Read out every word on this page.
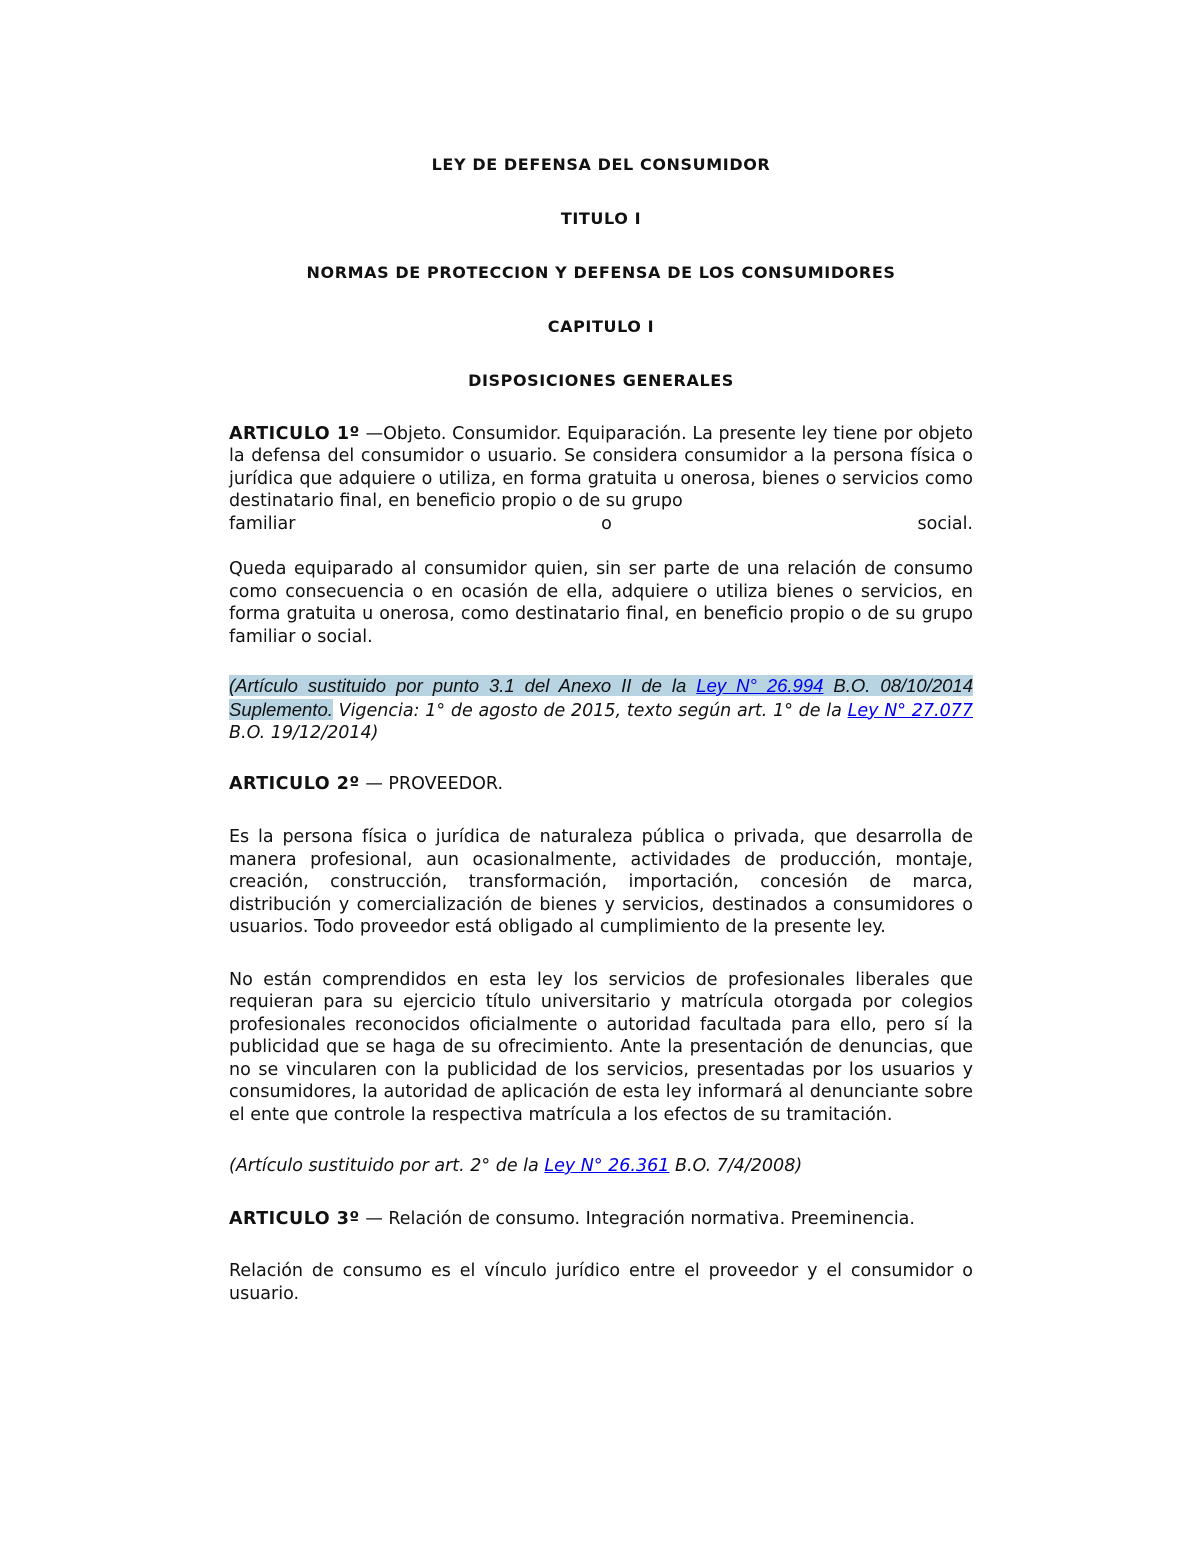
LEY DE DEFENSA DEL CONSUMIDOR
TITULO I
NORMAS DE PROTECCION Y DEFENSA DE LOS CONSUMIDORES
CAPITULO I
DISPOSICIONES GENERALES

ARTICULO 1º —Objeto. Consumidor. Equiparación. La presente ley tiene por objeto la defensa del consumidor o usuario. Se considera consumidor a la persona física o jurídica que adquiere o utiliza, en forma gratuita u onerosa, bienes o servicios como destinatario final, en beneficio propio o de su grupo

familiar o social.

Queda equiparado al consumidor quien, sin ser parte de una relación de consumo como consecuencia o en ocasión de ella, adquiere o utiliza bienes o servicios, en forma gratuita u onerosa, como destinatario final, en beneficio propio o de su grupo familiar o social.

(Artículo sustituido por punto 3.1 del Anexo II de la Ley N° 26.994 B.O. 08/10/2014 Suplemento. Vigencia: 1° de agosto de 2015, texto según art. 1° de la Ley N° 27.077 B.O. 19/12/2014)

ARTICULO 2º — PROVEEDOR.

Es la persona física o jurídica de naturaleza pública o privada, que desarrolla de manera profesional, aun ocasionalmente, actividades de producción, montaje, creación, construcción, transformación, importación, concesión de marca, distribución y comercialización de bienes y servicios, destinados a consumidores o usuarios. Todo proveedor está obligado al cumplimiento de la presente ley.

No están comprendidos en esta ley los servicios de profesionales liberales que requieran para su ejercicio título universitario y matrícula otorgada por colegios profesionales reconocidos oficialmente o autoridad facultada para ello, pero sí la publicidad que se haga de su ofrecimiento. Ante la presentación de denuncias, que no se vincularen con la publicidad de los servicios, presentadas por los usuarios y consumidores, la autoridad de aplicación de esta ley informará al denunciante sobre el ente que controle la respectiva matrícula a los efectos de su tramitación.

(Artículo sustituido por art. 2° de la Ley N° 26.361 B.O. 7/4/2008)

ARTICULO 3º — Relación de consumo. Integración normativa. Preeminencia.

Relación de consumo es el vínculo jurídico entre el proveedor y el consumidor o usuario.
